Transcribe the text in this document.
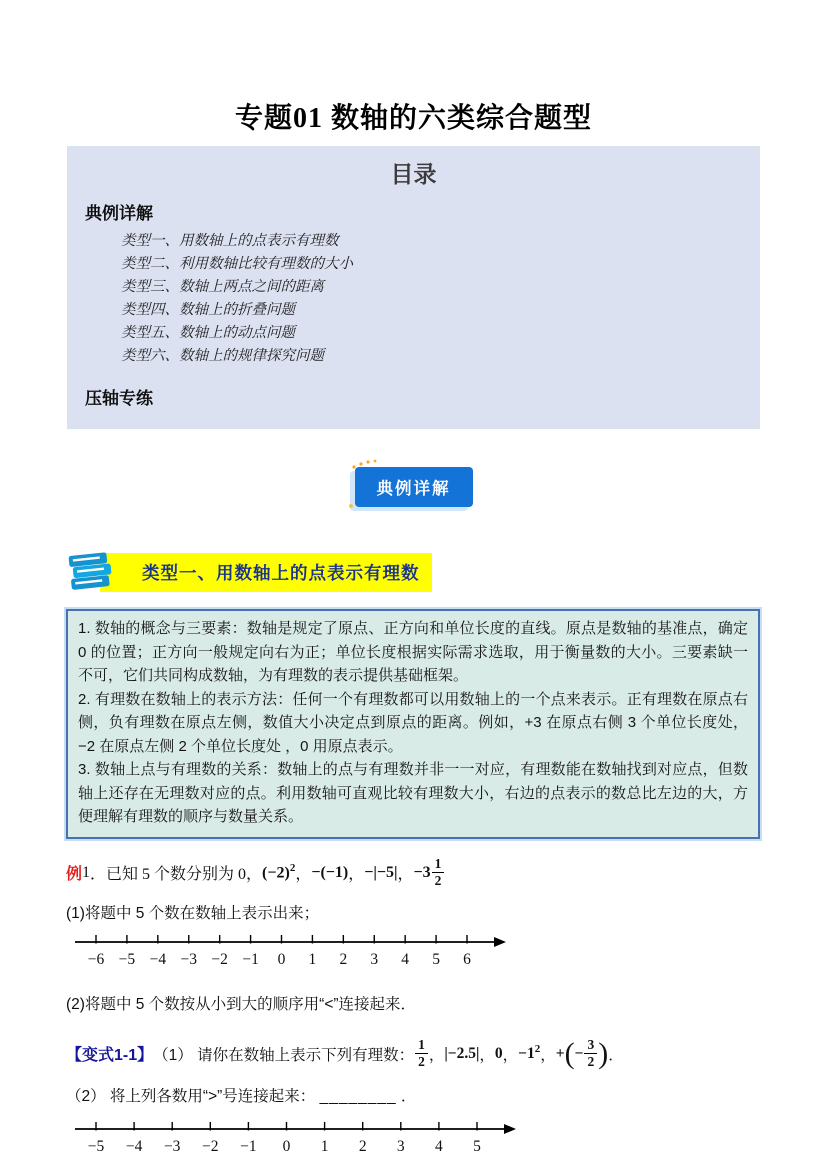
专题01 数轴的六类综合题型
目录
典例详解
类型一、用数轴上的点表示有理数
类型二、利用数轴比较有理数的大小
类型三、数轴上两点之间的距离
类型四、数轴上的折叠问题
类型五、数轴上的动点问题
类型六、数轴上的规律探究问题
压轴专练
典例详解
类型一、用数轴上的点表示有理数

1. 数轴的概念与三要素：数轴是规定了原点、正方向和单位长度的直线。原点是数轴的基准点，确定 0 的位置；正方向一般规定向右为正；单位长度根据实际需求选取，用于衡量数的大小。三要素缺一不可，它们共同构成数轴，为有理数的表示提供基础框架。

2. 有理数在数轴上的表示方法：任何一个有理数都可以用数轴上的一个点来表示。正有理数在原点右侧，负有理数在原点左侧，数值大小决定点到原点的距离。例如，+3 在原点右侧 3 个单位长度处，−2 在原点左侧 2 个单位长度处 ，0 用原点表示。

3. 数轴上点与有理数的关系：数轴上的点与有理数并非一一对应，有理数能在数轴找到对应点，但数轴上还存在无理数对应的点。利用数轴可直观比较有理数大小，右边的点表示的数总比左边的大，方便理解有理数的顺序与数量关系。

例 1 ．已知 5 个数分别为 0， $(-2)^2$ ， −(−1) ， −|−5| ， $-3 \frac{1}{2}$

(1)将题中 5 个数在数轴上表示出来；

−6 −5 −4 −3 −2 −1 0 1 2 3 4 5 6

(2)将题中 5 个数按从小到大的顺序用“<”连接起来．

【变式1-1】 （1） 请你在数轴上表示下列有理数： $\frac{1}{2}$ ， |−2.5| ， 0 ， $-1^2$ ， + ( − $\frac{3}{2}$ ) ．

（2） 将上列各数用“>”号连接起来： ________ ．

−5 −4 −3 −2 −1 0 1 2 3 4 5
